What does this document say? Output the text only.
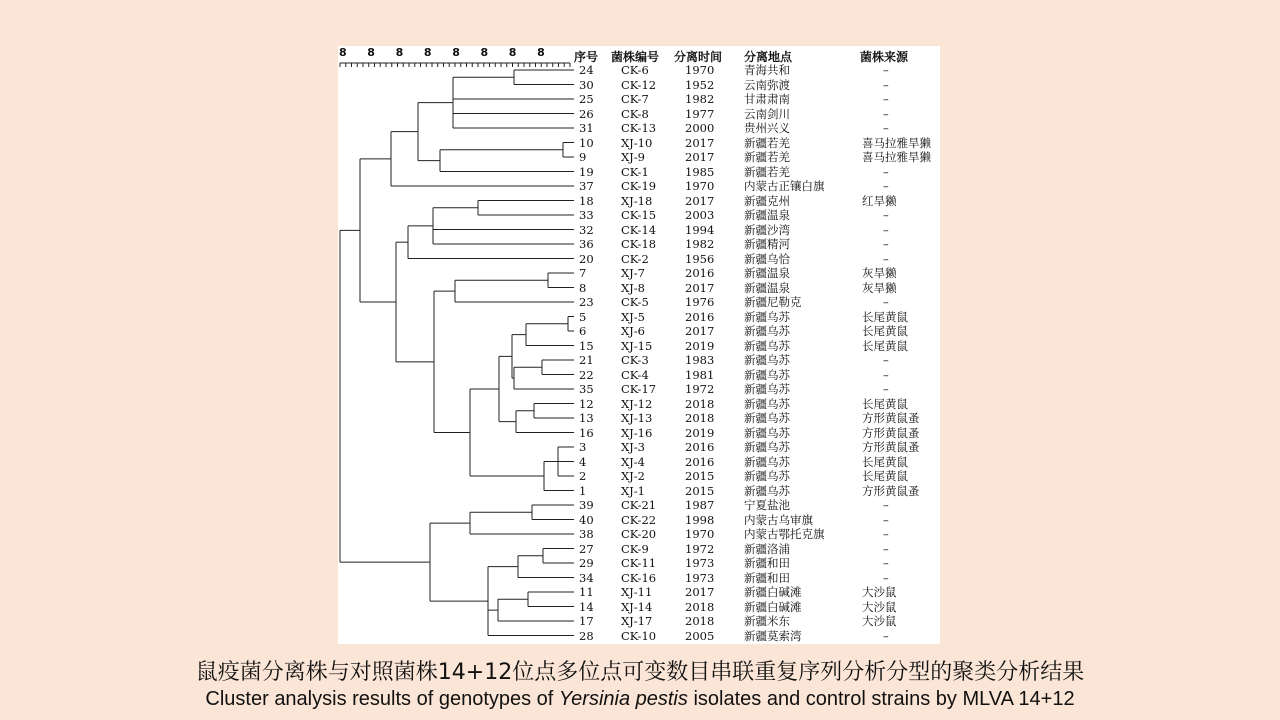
8 8 8 8 8 8 8 8 序号 菌株编号 分离时间 分离地点	菌株来源
24 CK-6	1970	青海共和	–
30 CK-12	1952	云南弥渡	–
25 CK-7	1982	甘肃肃南	–
26 CK-8	1977	云南剑川	–
31 CK-13	2000	贵州兴义	–
10 XJ-10	2017	新疆若羌	喜马拉雅旱獭
9	XJ-9	2017	新疆若羌	喜马拉雅旱獭
19 CK-1	1985	新疆若羌	–
37 CK-19	1970	内蒙古正镶白旗	–
18 XJ-18	2017	新疆克州	红旱獭
33 CK-15	2003	新疆温泉	–
32 CK-14	1994	新疆沙湾	–
36 CK-18	1982	新疆精河	–
20 CK-2	1956	新疆乌恰	–
7	XJ-7	2016	新疆温泉	灰旱獭
8	XJ-8	2017	新疆温泉	灰旱獭
23 CK-5	1976	新疆尼勒克	–
5	XJ-5	2016	新疆乌苏	长尾黄鼠
6	XJ-6	2017	新疆乌苏	长尾黄鼠
15 XJ-15	2019	新疆乌苏	长尾黄鼠
21 CK-3	1983	新疆乌苏	–
22 CK-4	1981	新疆乌苏	–
35 CK-17	1972	新疆乌苏	–
12 XJ-12	2018	新疆乌苏	长尾黄鼠
13 XJ-13	2018	新疆乌苏	方形黄鼠蚤
16 XJ-16	2019	新疆乌苏	方形黄鼠蚤
3	XJ-3	2016	新疆乌苏	方形黄鼠蚤
4	XJ-4	2016	新疆乌苏	长尾黄鼠
2	XJ-2	2015	新疆乌苏	长尾黄鼠
1	XJ-1	2015	新疆乌苏	方形黄鼠蚤
39 CK-21	1987	宁夏盐池	–
40 CK-22	1998	内蒙古乌审旗	–
38 CK-20	1970	内蒙古鄂托克旗	–
27 CK-9	1972	新疆洛浦	–
29 CK-11	1973	新疆和田	–
34 CK-16	1973	新疆和田	–
11 XJ-11	2017	新疆白碱滩	大沙鼠
14 XJ-14	2018	新疆白碱滩	大沙鼠
17 XJ-17	2018	新疆米东	大沙鼠
28 CK-10	2005	新疆莫索湾	–
鼠疫菌分离株与对照菌株14+12位点多位点可变数目串联重复序列分析分型的聚类分析结果
Cluster analysis results of genotypes of Yersinia pestis isolates and control strains by MLVA 14+12
